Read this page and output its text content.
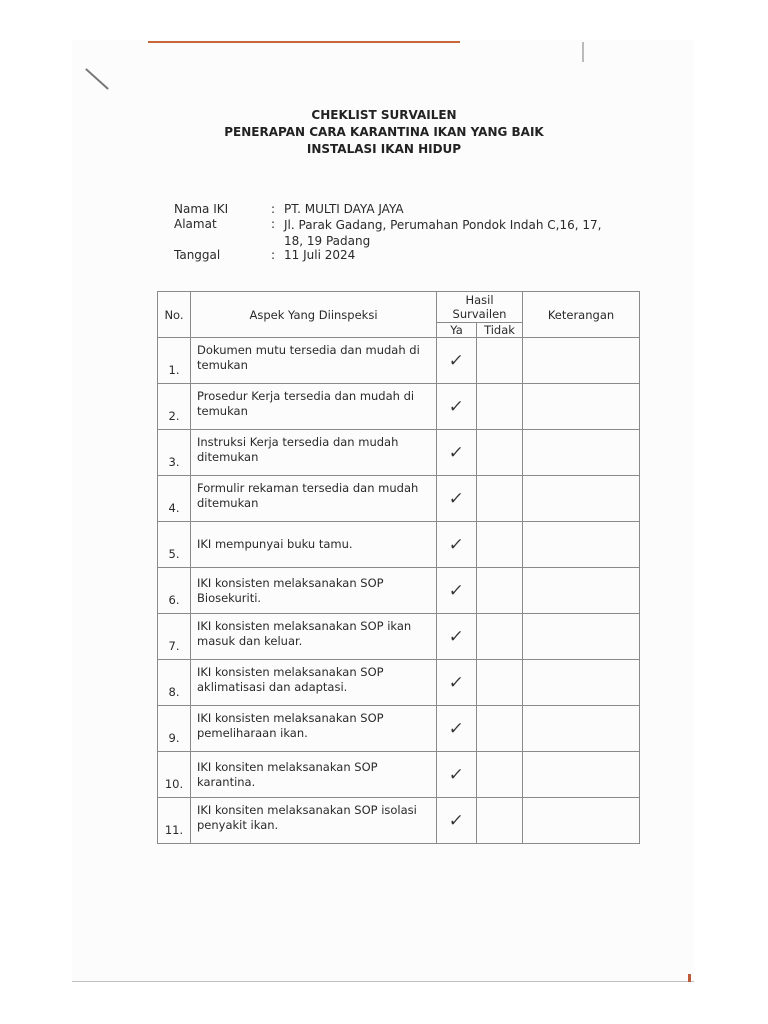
CHEKLIST SURVAILEN
PENERAPAN CARA KARANTINA IKAN YANG BAIK
INSTALASI IKAN HIDUP
Nama IKI	: PT. MULTI DAYA JAYA
Alamat	: Jl. Parak Gadang, Perumahan Pondok Indah C,16, 17, 18, 19 Padang
Tanggal	: 11 Juli 2024
No.	Aspek Yang Diinspeksi	Hasil Survailen		Keterangan
		Ya	Tidak	
1.	Dokumen mutu tersedia dan mudah di temukan	✓		
2.	Prosedur Kerja tersedia dan mudah di temukan	✓		
3.	Instruksi Kerja tersedia dan mudah ditemukan	✓		
4.	Formulir rekaman tersedia dan mudah ditemukan	✓		
5.	IKI mempunyai buku tamu.	✓		
6.	IKI konsisten melaksanakan SOP Biosekuriti.	✓		
7.	IKI konsisten melaksanakan SOP ikan masuk dan keluar.	✓		
8.	IKI konsisten melaksanakan SOP aklimatisasi dan adaptasi.	✓		
9.	IKI konsisten melaksanakan SOP pemeliharaan ikan.	✓		
10.	IKI konsiten melaksanakan SOP karantina.	✓		
11.	IKI konsiten melaksanakan SOP isolasi penyakit ikan.	✓		
